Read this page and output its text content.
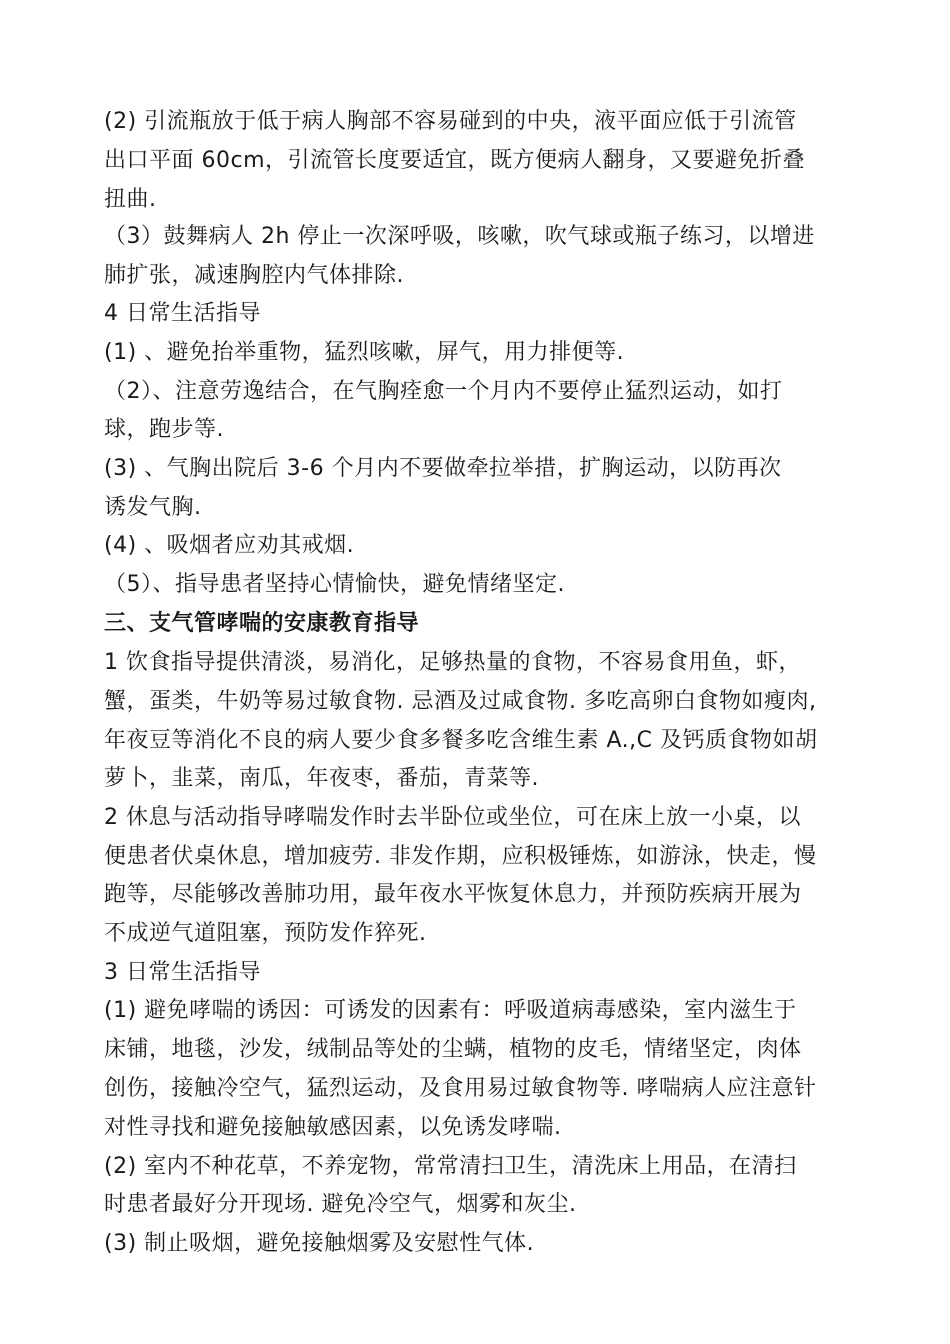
(2) 引流瓶放于低于病人胸部不容易碰到的中央，液平面应低于引流管
出口平面 60cm，引流管长度要适宜，既方便病人翻身，又要避免折叠
扭曲.
（3）鼓舞病人 2h 停止一次深呼吸，咳嗽，吹气球或瓶子练习，以增进
肺扩张，减速胸腔内气体排除.
4 日常生活指导
(1) 、避免抬举重物，猛烈咳嗽，屏气，用力排便等.
（2）、注意劳逸结合，在气胸痊愈一个月内不要停止猛烈运动，如打
球，跑步等.
(3) 、气胸出院后 3-6 个月内不要做牵拉举措，扩胸运动，以防再次
诱发气胸.
(4) 、吸烟者应劝其戒烟.
（5）、指导患者坚持心情愉快，避免情绪坚定.
三、支气管哮喘的安康教育指导
1 饮食指导提供清淡，易消化，足够热量的食物，不容易食用鱼，虾，
蟹，蛋类，牛奶等易过敏食物. 忌酒及过咸食物. 多吃高卵白食物如瘦肉,
年夜豆等消化不良的病人要少食多餐多吃含维生素 A.,C 及钙质食物如胡
萝卜，韭菜，南瓜，年夜枣，番茄，青菜等.
2 休息与活动指导哮喘发作时去半卧位或坐位，可在床上放一小桌，以
便患者伏桌休息，增加疲劳. 非发作期，应积极锤炼，如游泳，快走，慢
跑等，尽能够改善肺功用，最年夜水平恢复休息力，并预防疾病开展为
不成逆气道阻塞，预防发作猝死.
3 日常生活指导
(1) 避免哮喘的诱因：可诱发的因素有：呼吸道病毒感染，室内滋生于
床铺，地毯，沙发，绒制品等处的尘螨，植物的皮毛，情绪坚定，肉体
创伤，接触冷空气，猛烈运动，及食用易过敏食物等. 哮喘病人应注意针
对性寻找和避免接触敏感因素，以免诱发哮喘.
(2) 室内不种花草，不养宠物，常常清扫卫生，清洗床上用品，在清扫
时患者最好分开现场. 避免冷空气，烟雾和灰尘.
(3) 制止吸烟，避免接触烟雾及安慰性气体.
